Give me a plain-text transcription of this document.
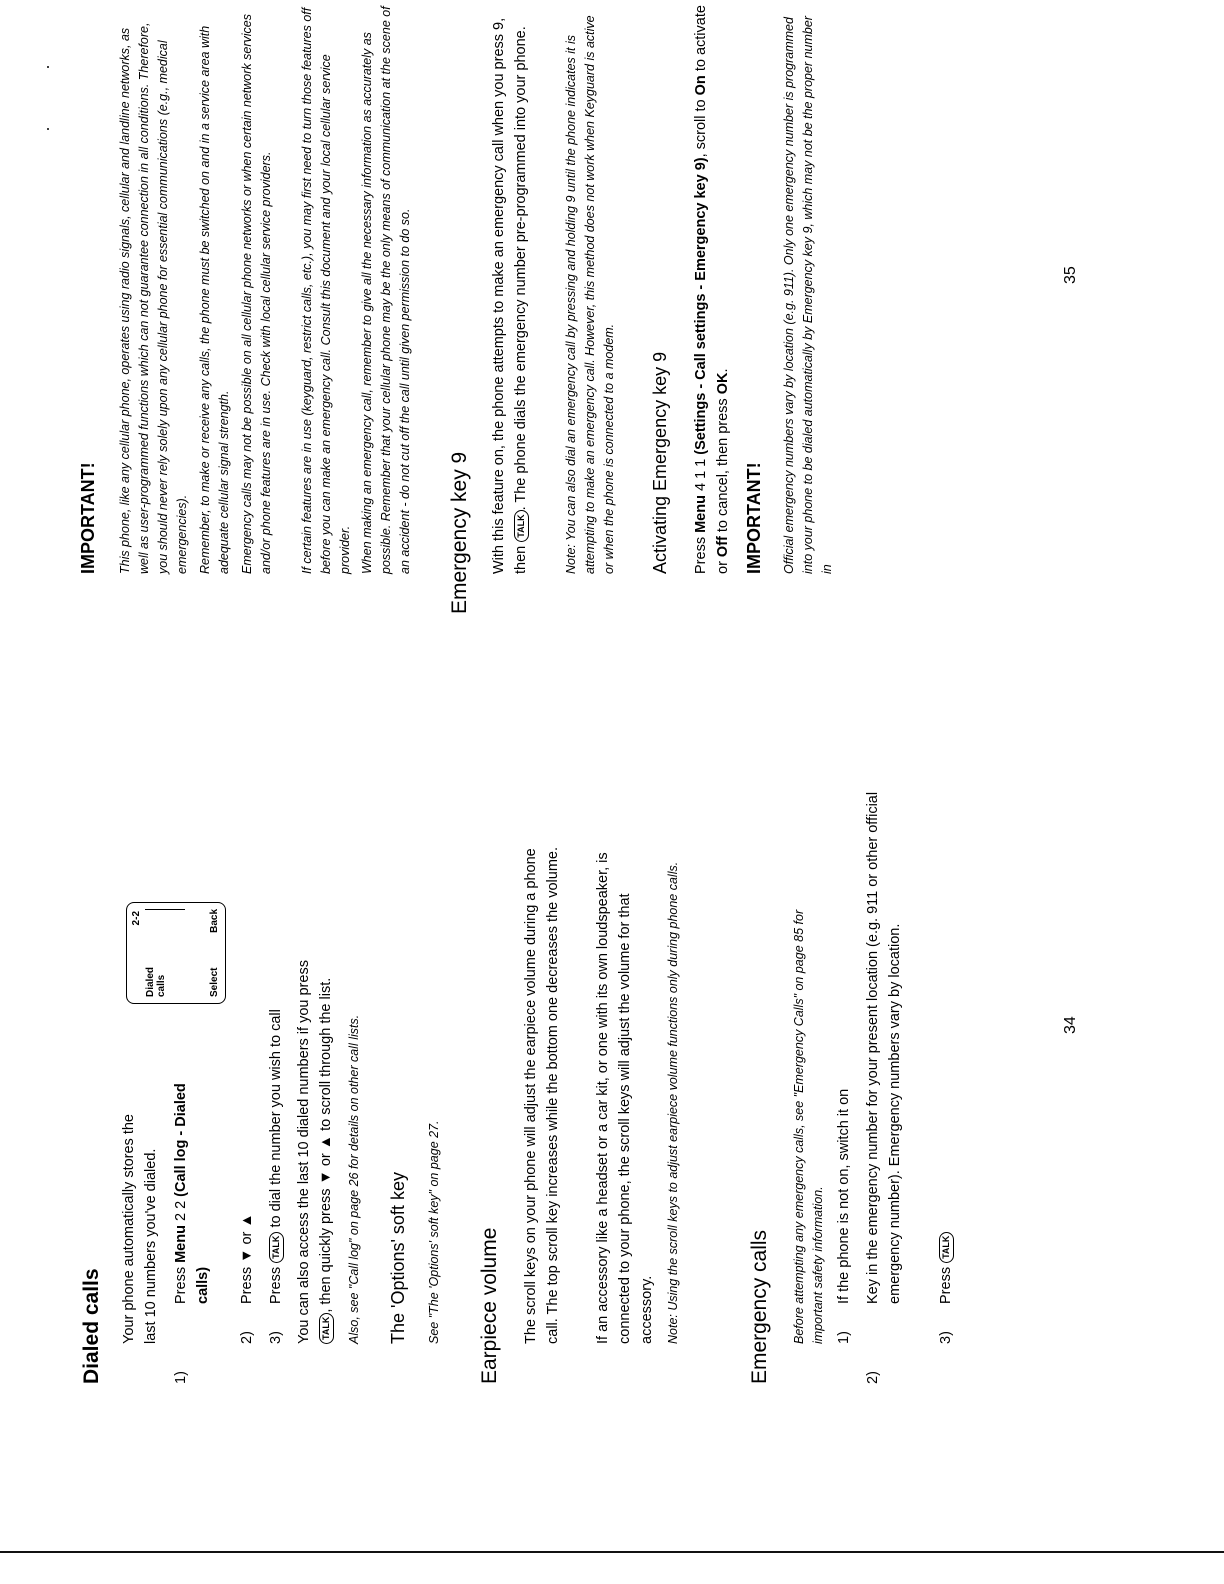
Dialed calls Your phone automatically stores the last 10 numbers you've dialed.
1)Press Menu 2 2 (Call log - Dialed calls)
2-2
Dialed calls	Select
Back
2)Press ▼ or ▲
3)Press TALK to dial the number you wish to call You can also access the last 10 dialed numbers if you press TALK, then quickly press ▼ or ▲ to scroll through the list. Also, see "Call log" on page 26 for details on other call lists. The 'Options' soft key See "The 'Options' soft key" on page 27. Earpiece volume The scroll keys on your phone will adjust the earpiece volume during a phone call. The top scroll key increases while the bottom one decreases the volume. If an accessory like a headset or a car kit, or one with its own loudspeaker, is connected to your phone, the scroll keys will adjust the volume for that accessory. Note: Using the scroll keys to adjust earpiece volume functions only during phone calls.	Emergency calls Before attempting any emergency calls, see "Emergency Calls" on page 85 for important safety information. 1)If the phone is not on, switch it on
2)Key in the emergency number for your present location (e.g. 911 or other official emergency number). Emergency numbers vary by location.
3)Press TALK
34
IMPORTANT! This phone, like any cellular phone, operates using radio signals, cellular and landline networks, as well as user-programmed functions which can not guarantee connection in all conditions. Therefore, you should never rely solely upon any cellular phone for essential communications (e.g., medical emergencies). Remember, to make or receive any calls, the phone must be switched on and in a service area with adequate cellular signal strength. Emergency calls may not be possible on all cellular phone networks or when certain network services and/or phone features are in use. Check with local cellular service providers. If certain features are in use (keyguard, restrict calls, etc.), you may first need to turn those features off before you can make an emergency call. Consult this document and your local cellular service provider. When making an emergency call, remember to give all the necessary information as accurately as possible. Remember that your cellular phone may be the only means of communication at the scene of an accident - do not cut off the call until given permission to do so. Emergency key 9 With this feature on, the phone attempts to make an emergency call when you press 9, then TALK. The phone dials the emergency number pre-programmed into your phone.	Note: You can also dial an emergency call by pressing and holding 9 until the phone indicates it is attempting to make an emergency call. However, this method does not work when Keyguard is active or when the phone is connected to a modem. Activating Emergency key 9 Press Menu 4 1 1 (Settings - Call settings - Emergency key 9), scroll to On to activate or Off to cancel, then press OK.
IMPORTANT! Official emergency numbers vary by location (e.g. 911). Only one emergency number is programmed into your phone to be dialed automatically by Emergency key 9, which may not be the proper number in
35
